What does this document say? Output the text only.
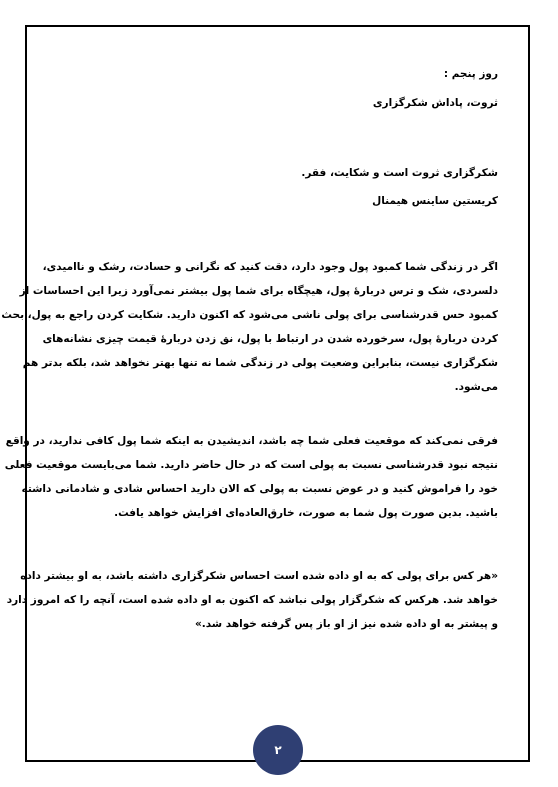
روز پنجم :
ثروت، پاداش شکرگزاری
شکرگزاری ثروت است و شکایت، فقر.
کریستین ساینس هیمنال
اگر در زندگی شما کمبود پول وجود دارد، دقت کنید که نگرانی و حسادت، رشک و ناامیدی،
دلسردی، شک و ترس دربارهٔ پول، هیچگاه برای شما پول بیشتر نمی‌آورد زیرا این احساسات از
کمبود حس قدرشناسی برای پولی ناشی می‌شود که اکنون دارید. شکایت کردن راجع به پول، بحث
کردن دربارهٔ پول، سرخورده شدن در ارتباط با پول، نق زدن دربارهٔ قیمت چیزی نشانه‌های
شکرگزاری نیست، بنابراین وضعیت پولی در زندگی شما نه تنها بهتر نخواهد شد، بلکه بدتر هم
می‌شود.
فرقی نمی‌کند که موقعیت فعلی شما چه باشد، اندیشیدن به اینکه شما پول کافی ندارید، در واقع
نتیجه نبود قدرشناسی نسبت به پولی است که در حال حاضر دارید. شما می‌بایست موقعیت فعلی
خود را فراموش کنید و در عوض نسبت به پولی که الان دارید احساس شادی و شادمانی داشته
باشید. بدین صورت پول شما به صورت، خارق‌العاده‌ای افزایش خواهد یافت.
«هر کس برای پولی که به او داده شده است احساس شکرگزاری داشته باشد، به او بیشتر داده
خواهد شد. هرکس که شکرگزار پولی نباشد که اکنون به او داده شده است، آنچه را که امروز دارد
و پیشتر به او داده شده نیز از او باز پس گرفته خواهد شد.»
۲
